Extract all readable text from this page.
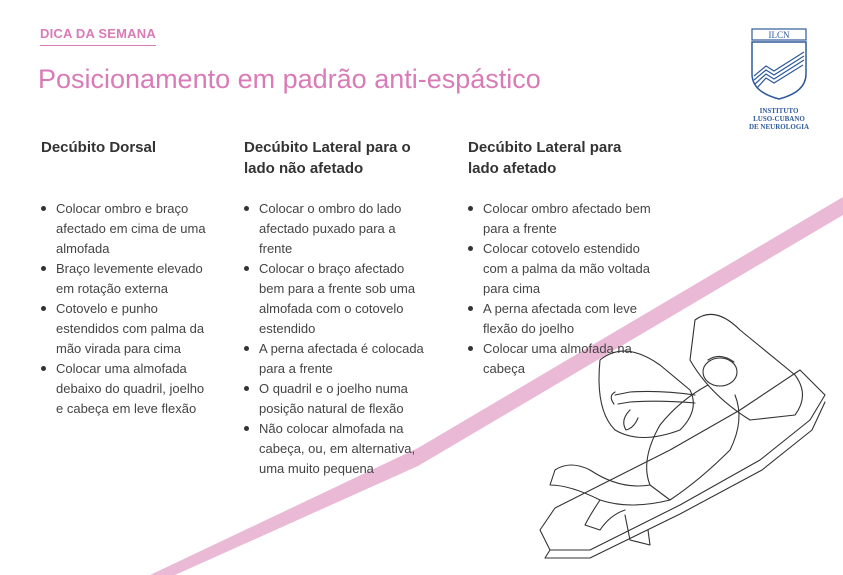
DICA DA SEMANA
Posicionamento em padrão anti-espástico
ILCN
INSTITUTO
LUSO-CUBANO
DE NEUROLOGIA
Decúbito Dorsal
Colocar ombro e braço afectado em cima de uma almofada
Braço levemente elevado em rotação externa
Cotovelo e punho estendidos com palma da mão virada para cima
Colocar uma almofada debaixo do quadril, joelho e cabeça em leve flexão
Decúbito Lateral para o lado não afetado
Colocar o ombro do lado afectado puxado para a frente
Colocar o braço afectado bem para a frente sob uma almofada com o cotovelo estendido
A perna afectada é colocada para a frente
O quadril e o joelho numa posição natural de flexão
Não colocar almofada na cabeça, ou, em alternativa, uma muito pequena
Decúbito Lateral para lado afetado
Colocar ombro afectado bem para a frente
Colocar cotovelo estendido com a palma da mão voltada para cima
A perna afectada com leve flexão do joelho
Colocar uma almofada na cabeça
